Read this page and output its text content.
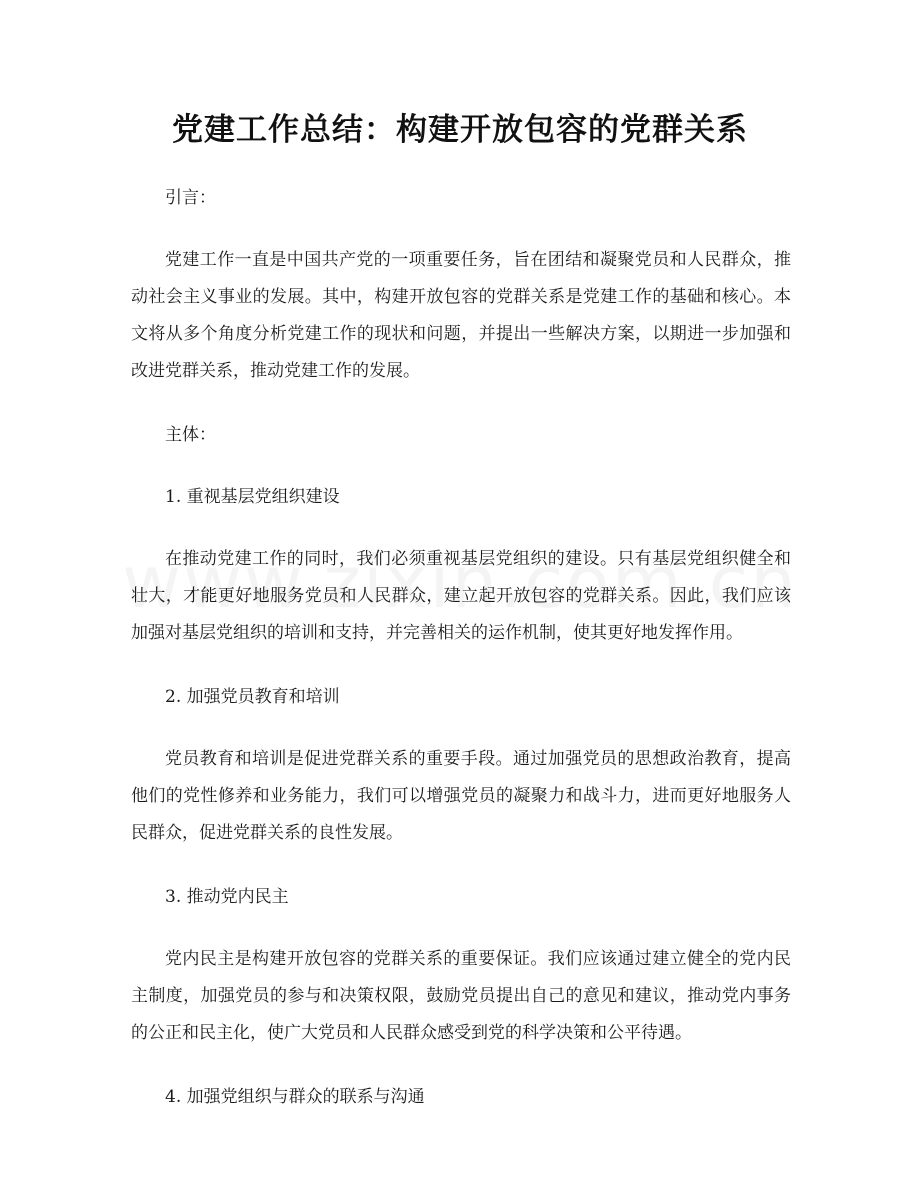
党建工作总结：构建开放包容的党群关系

引言：

党建工作一直是中国共产党的一项重要任务，旨在团结和凝聚党员和人民群众，推动社会主义事业的发展。其中，构建开放包容的党群关系是党建工作的基础和核心。本文将从多个角度分析党建工作的现状和问题，并提出一些解决方案，以期进一步加强和改进党群关系，推动党建工作的发展。

主体：

1. 重视基层党组织建设

在推动党建工作的同时，我们必须重视基层党组织的建设。只有基层党组织健全和壮大，才能更好地服务党员和人民群众，建立起开放包容的党群关系。因此，我们应该加强对基层党组织的培训和支持，并完善相关的运作机制，使其更好地发挥作用。

2. 加强党员教育和培训

党员教育和培训是促进党群关系的重要手段。通过加强党员的思想政治教育，提高他们的党性修养和业务能力，我们可以增强党员的凝聚力和战斗力，进而更好地服务人民群众，促进党群关系的良性发展。

3. 推动党内民主

党内民主是构建开放包容的党群关系的重要保证。我们应该通过建立健全的党内民主制度，加强党员的参与和决策权限，鼓励党员提出自己的意见和建议，推动党内事务的公正和民主化，使广大党员和人民群众感受到党的科学决策和公平待遇。

4. 加强党组织与群众的联系与沟通
